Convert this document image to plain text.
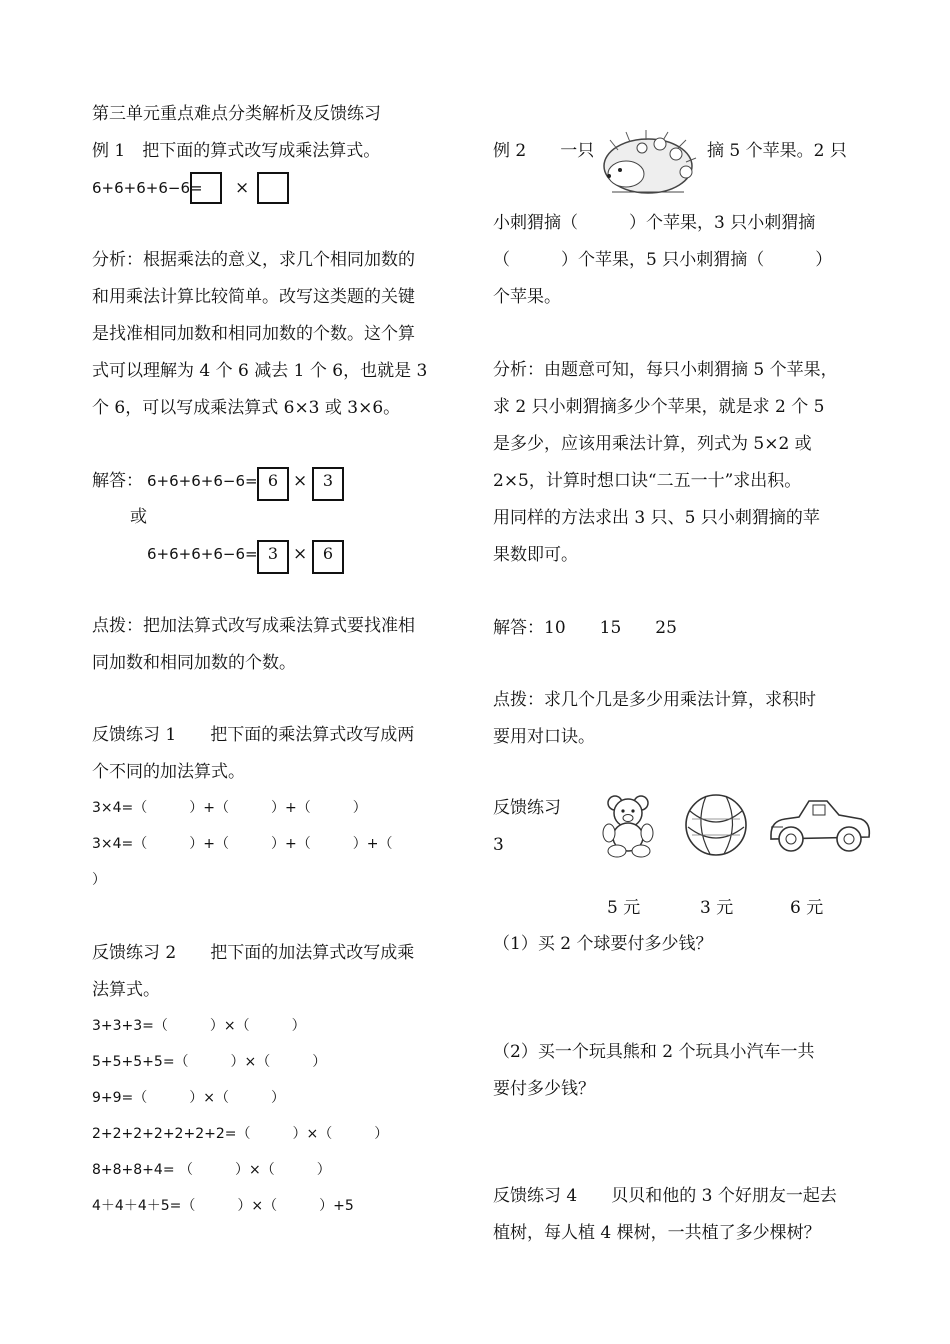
第三单元重点难点分类解析及反馈练习
例 1　把下面的算式改写成乘法算式。
6+6+6+6−6= ×
分析：根据乘法的意义，求几个相同加数的
和用乘法计算比较简单。改写这类题的关键
是找准相同加数和相同加数的个数。这个算
式可以理解为 4 个 6 减去 1 个 6，也就是 3
个 6，可以写成乘法算式 6×3 或 3×6。
解答： 6+6+6+6−6= 6 × 3
或
6+6+6+6−6= 3 × 6
点拨：把加法算式改写成乘法算式要找准相
同加数和相同加数的个数。
反馈练习 1　　把下面的乘法算式改写成两
个不同的加法算式。
3×4=（　　　）+（　　　）+（　　　）
3×4=（　　　）+（　　　）+（　　　）+（
）
反馈练习 2　　把下面的加法算式改写成乘
法算式。
3+3+3=（　　　）×（　　　）
5+5+5+5=（　　　）×（　　　）
9+9=（　　　）×（　　　）
2+2+2+2+2+2+2=（　　　）×（　　　）
8+8+8+4= （　　　）×（　　　）
4＋4＋4＋5=（　　　）×（　　　）+5
例 2　　一只	摘 5 个苹果。2 只
小刺猬摘（　　　）个苹果，3 只小刺猬摘
（　　　）个苹果，5 只小刺猬摘（　　　）
个苹果。
分析：由题意可知，每只小刺猬摘 5 个苹果，
求 2 只小刺猬摘多少个苹果，就是求 2 个 5
是多少，应该用乘法计算，列式为 5×2 或
2×5，计算时想口诀“二五一十”求出积。
用同样的方法求出 3 只、5 只小刺猬摘的苹
果数即可。
解答：10　　15　　25
点拨：求几个几是多少用乘法计算，求积时
要用对口诀。
反馈练习
3
5 元	3 元	6 元
（1）买 2 个球要付多少钱？
（2）买一个玩具熊和 2 个玩具小汽车一共
要付多少钱？
反馈练习 4　　贝贝和他的 3 个好朋友一起去
植树，每人植 4 棵树，一共植了多少棵树？
